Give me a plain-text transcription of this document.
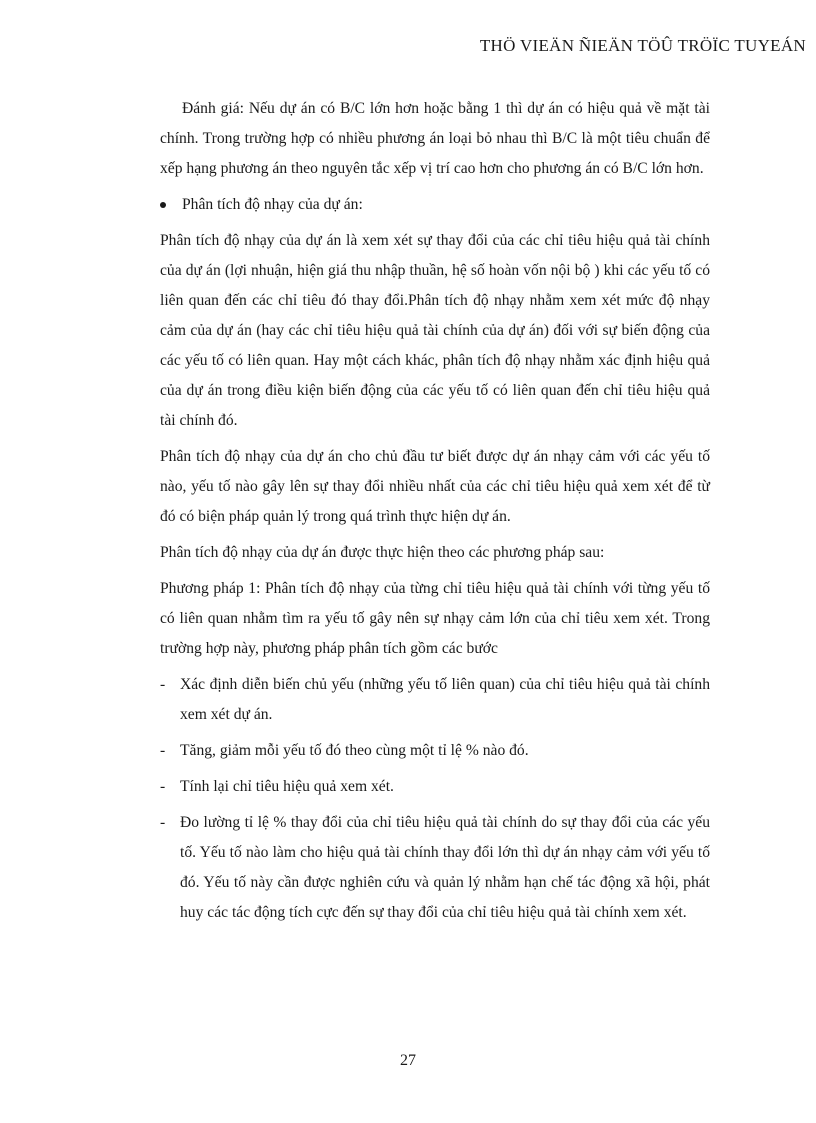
THÖ VIEÄN ÑIEÄN TÖÛ TRÖÏC TUYEÁN

Đánh giá: Nếu dự án có B/C lớn hơn hoặc bằng 1 thì dự án có hiệu quả về mặt tài chính. Trong trường hợp có nhiều phương án loại bỏ nhau thì B/C là một tiêu chuẩn để xếp hạng phương án theo nguyên tắc xếp vị trí cao hơn cho phương án có B/C lớn hơn.

Phân tích độ nhạy của dự án:

Phân tích độ nhạy của dự án là xem xét sự thay đổi của các chỉ tiêu hiệu quả tài chính của dự án (lợi nhuận, hiện giá thu nhập thuần, hệ số hoàn vốn nội bộ ) khi các yếu tố có liên quan đến các chỉ tiêu đó thay đổi.Phân tích độ nhạy nhằm xem xét mức độ nhạy cảm của dự án (hay các chỉ tiêu hiệu quả tài chính của dự án) đối với sự biến động của các yếu tố có liên quan. Hay một cách khác, phân tích độ nhạy nhằm xác định hiệu quả của dự án trong điều kiện biến động của các yếu tố có liên quan đến chỉ tiêu hiệu quả tài chính đó.

Phân tích độ nhạy của dự án cho chủ đầu tư biết được dự án nhạy cảm với các yếu tố nào, yếu tố nào gây lên sự thay đổi nhiều nhất của các chỉ tiêu hiệu quả xem xét để từ đó có biện pháp quản lý trong quá trình thực hiện dự án.

Phân tích độ nhạy của dự án được thực hiện theo các phương pháp sau:

Phương pháp 1: Phân tích độ nhạy của từng chỉ tiêu hiệu quả tài chính với từng yếu tố có liên quan nhằm tìm ra yếu tố gây nên sự nhạy cảm lớn của chỉ tiêu xem xét. Trong trường hợp này, phương pháp phân tích gồm các bước

- Xác định diễn biến chủ yếu (những yếu tố liên quan) của chỉ tiêu hiệu quả tài chính xem xét dự án.
- Tăng, giảm mỗi yếu tố đó theo cùng một tỉ lệ % nào đó.
- Tính lại chỉ tiêu hiệu quả xem xét.
- Đo lường tỉ lệ % thay đổi của chỉ tiêu hiệu quả tài chính do sự thay đổi của các yếu tố. Yếu tố nào làm cho hiệu quả tài chính thay đổi lớn thì dự án nhạy cảm với yếu tố đó. Yếu tố này cần được nghiên cứu và quản lý nhằm hạn chế tác động xã hội, phát huy các tác động tích cực đến sự thay đổi của chỉ tiêu hiệu quả tài chính xem xét.
27
